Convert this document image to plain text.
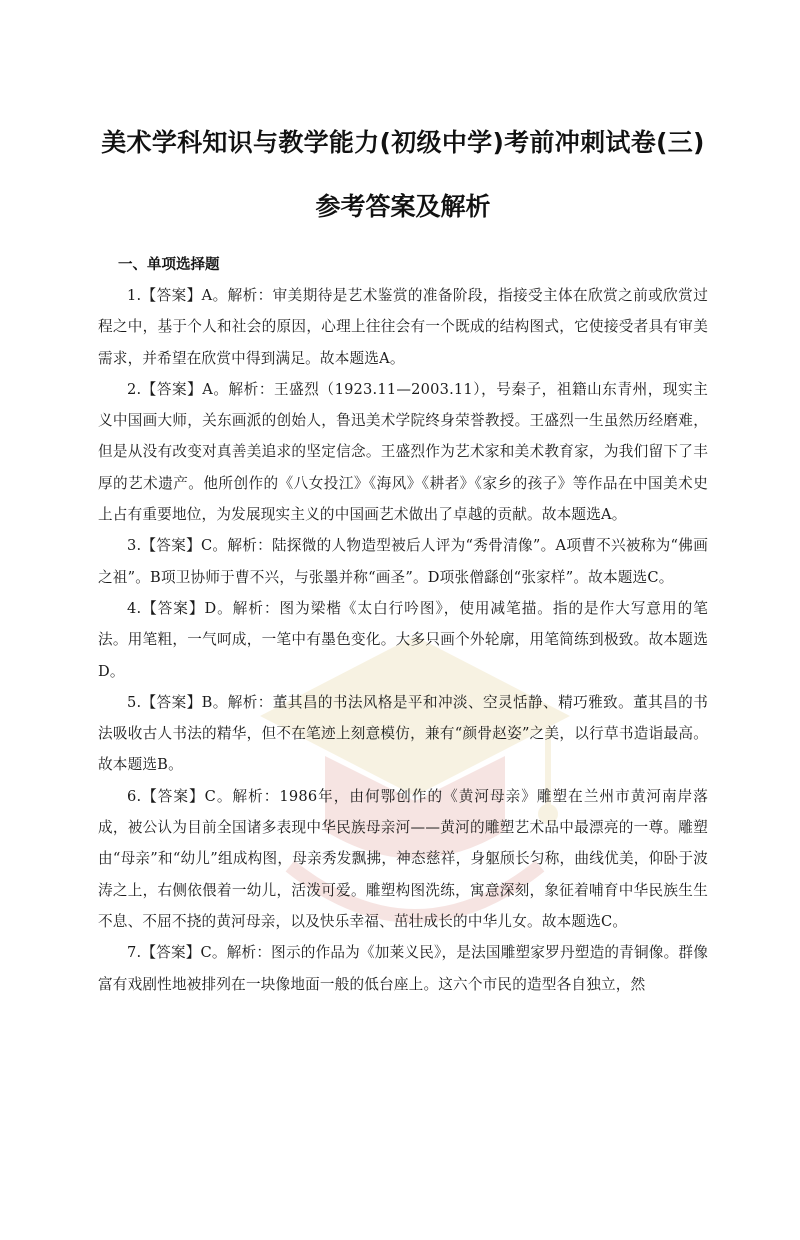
美术学科知识与教学能力(初级中学)考前冲刺试卷(三)
参考答案及解析
一、单项选择题

1.【答案】A。解析：审美期待是艺术鉴赏的准备阶段，指接受主体在欣赏之前或欣赏过程之中，基于个人和社会的原因，心理上往往会有一个既成的结构图式，它使接受者具有审美需求，并希望在欣赏中得到满足。故本题选A。

2.【答案】A。解析：王盛烈（1923.11—2003.11），号秦子，祖籍山东青州，现实主义中国画大师，关东画派的创始人，鲁迅美术学院终身荣誉教授。王盛烈一生虽然历经磨难，但是从没有改变对真善美追求的坚定信念。王盛烈作为艺术家和美术教育家，为我们留下了丰厚的艺术遗产。他所创作的《八女投江》《海风》《耕者》《家乡的孩子》等作品在中国美术史上占有重要地位，为发展现实主义的中国画艺术做出了卓越的贡献。故本题选A。

3.【答案】C。解析：陆探微的人物造型被后人评为“秀骨清像”。A项曹不兴被称为“佛画之祖”。B项卫协师于曹不兴，与张墨并称“画圣”。D项张僧繇创“张家样”。故本题选C。

4.【答案】D。解析：图为梁楷《太白行吟图》，使用减笔描。指的是作大写意用的笔法。用笔粗，一气呵成，一笔中有墨色变化。大多只画个外轮廓，用笔简练到极致。故本题选D。

5.【答案】B。解析：董其昌的书法风格是平和冲淡、空灵恬静、精巧雅致。董其昌的书法吸收古人书法的精华，但不在笔迹上刻意模仿，兼有“颜骨赵姿”之美，以行草书造诣最高。故本题选B。

6.【答案】C。解析：1986年，由何鄂创作的《黄河母亲》雕塑在兰州市黄河南岸落成，被公认为目前全国诸多表现中华民族母亲河——黄河的雕塑艺术品中最漂亮的一尊。雕塑由“母亲”和“幼儿”组成构图，母亲秀发飘拂，神态慈祥，身躯颀长匀称，曲线优美，仰卧于波涛之上，右侧依偎着一幼儿，活泼可爱。雕塑构图洗练，寓意深刻，象征着哺育中华民族生生不息、不屈不挠的黄河母亲，以及快乐幸福、茁壮成长的中华儿女。故本题选C。

7.【答案】C。解析：图示的作品为《加莱义民》，是法国雕塑家罗丹塑造的青铜像。群像富有戏剧性地被排列在一块像地面一般的低台座上。这六个市民的造型各自独立，然
